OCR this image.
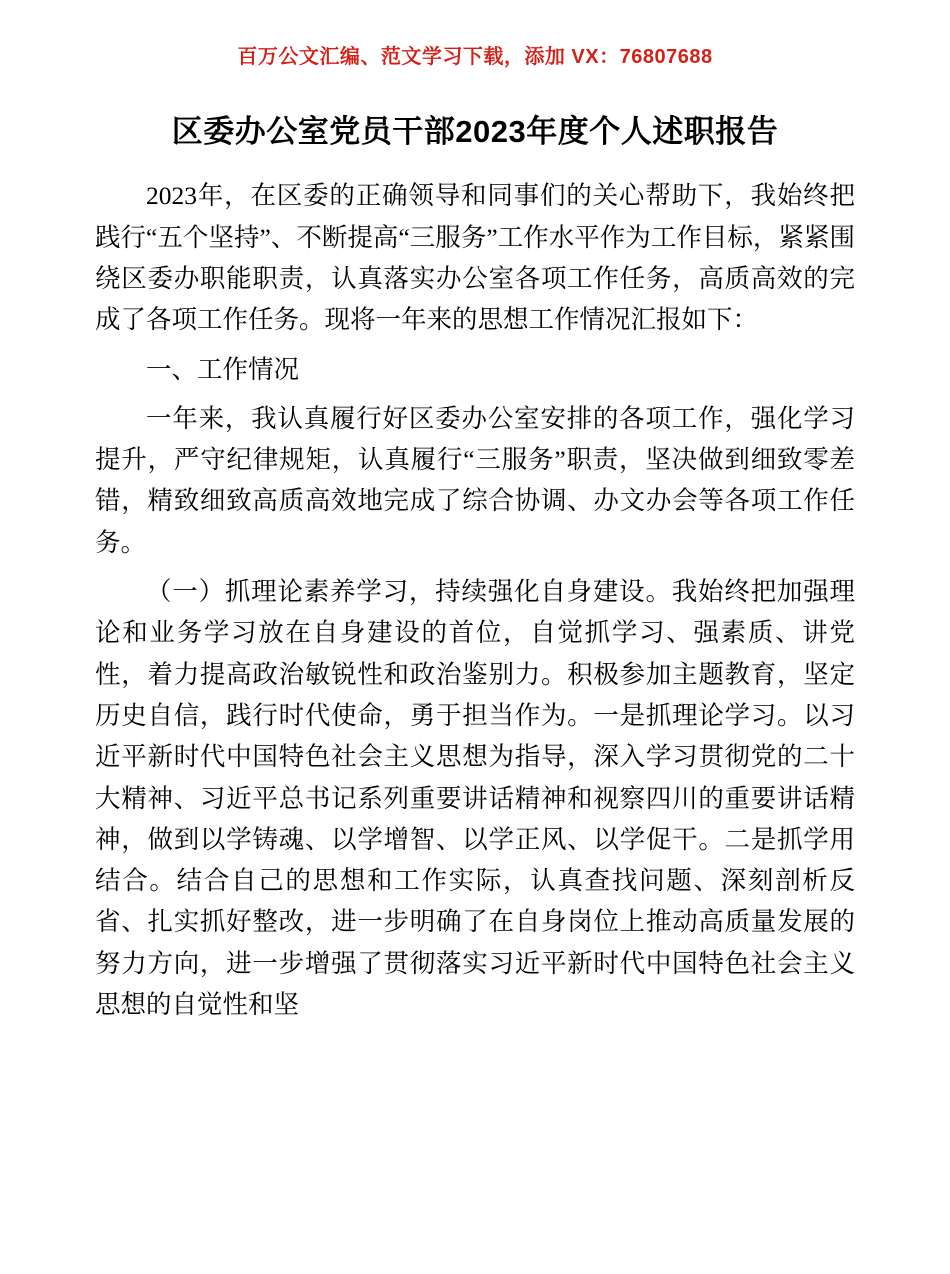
百万公文汇编、范文学习下载，添加 VX：76807688
区委办公室党员干部2023年度个人述职报告

2023年，在区委的正确领导和同事们的关心帮助下，我始终把践行“五个坚持”、不断提高“三服务”工作水平作为工作目标，紧紧围绕区委办职能职责，认真落实办公室各项工作任务，高质高效的完成了各项工作任务。现将一年来的思想工作情况汇报如下：

一、工作情况

一年来，我认真履行好区委办公室安排的各项工作，强化学习提升，严守纪律规矩，认真履行“三服务”职责，坚决做到细致零差错，精致细致高质高效地完成了综合协调、办文办会等各项工作任务。

（一）抓理论素养学习，持续强化自身建设。我始终把加强理论和业务学习放在自身建设的首位，自觉抓学习、强素质、讲党性，着力提高政治敏锐性和政治鉴别力。积极参加主题教育，坚定历史自信，践行时代使命，勇于担当作为。一是抓理论学习。以习近平新时代中国特色社会主义思想为指导，深入学习贯彻党的二十大精神、习近平总书记系列重要讲话精神和视察四川的重要讲话精神，做到以学铸魂、以学增智、以学正风、以学促干。二是抓学用结合。结合自己的思想和工作实际，认真查找问题、深刻剖析反省、扎实抓好整改，进一步明确了在自身岗位上推动高质量发展的努力方向，进一步增强了贯彻落实习近平新时代中国特色社会主义思想的自觉性和坚
